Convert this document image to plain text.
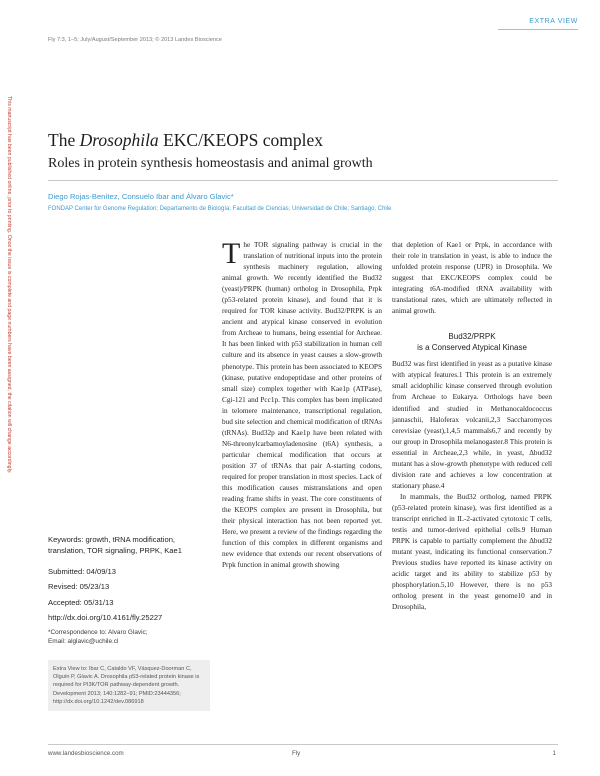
EXTRA VIEW
Fly 7:3, 1–5; July/August/September 2013; © 2013 Landes Bioscience
This manuscript has been published online, prior to printing. Once the issue is complete and page numbers have been assigned, the citation will change accordingly. The Drosophila EKC/KEOPS complex
Roles in protein synthesis homeostasis and animal growth
Diego Rojas-Benítez, Consuelo Ibar and Álvaro Glavic*
FONDAP Center for Genome Regulation; Departamento de Biología; Facultad de Ciencias; Universidad de Chile; Santiago, Chile
Keywords: growth, tRNA modification, translation, TOR signaling, PRPK, Kae1
Submitted: 04/09/13
Revised: 05/23/13
Accepted: 05/31/13
http://dx.doi.org/10.4161/fly.25227
*Correspondence to: Alvaro Glavic;
Email: alglavic@uchile.cl
Extra View to: Ibar C, Cataldo VF, Vásquez-Doorman C, Olguín P, Glavic A. Drosophila p53-related protein kinase is required for PI3K/TOR pathway-dependent growth. Development 2013; 140:1282–91; PMID:23444356; http://dx.doi.org/10.1242/dev.086918
T he TOR signaling pathway is crucial in the translation of nutritional inputs into the protein synthesis machinery regulation, allowing animal growth. We recently identified the Bud32 (yeast)/PRPK (human) ortholog in Drosophila, Prpk (p53-related protein kinase), and found that it is required for TOR kinase activity. Bud32/PRPK is an ancient and atypical kinase conserved in evolution from Archeae to humans, being essential for Archeae. It has been linked with p53 stabilization in human cell culture and its absence in yeast causes a slow-growth phenotype. This protein has been associated to KEOPS (kinase, putative endopeptidase and other proteins of small size) complex together with Kae1p (ATPase), Cgi-121 and Pcc1p. This complex has been implicated in telomere maintenance, transcriptional regulation, bud site selection and chemical modification of tRNAs (tRNAs). Bud32p and Kae1p have been related with N6-threonylcarbamoyladenosine (t6A) synthesis, a particular chemical modification that occurs at position 37 of tRNAs that pair A-starting codons, required for proper translation in most species. Lack of this modification causes mistranslations and open reading frame shifts in yeast. The core constituents of the KEOPS complex are present in Drosophila, but their physical interaction has not been reported yet. Here, we present a review of the findings regarding the function of this complex in different organisms and new evidence that extends our recent observations of Prpk function in animal growth showing

that depletion of Kae1 or Prpk, in accordance with their role in translation in yeast, is able to induce the unfolded protein response (UPR) in Drosophila. We suggest that EKC/KEOPS complex could be integrating t6A-modified tRNA availability with translational rates, which are ultimately reflected in animal growth.

Bud32/PRPK
is a Conserved Atypical Kinase

Bud32 was first identified in yeast as a putative kinase with atypical features.1 This protein is an extremely small acidophilic kinase conserved through evolution from Archeae to Eukarya. Orthologs have been identified and studied in Methanocaldococcus jannaschii, Haloferax volcanii,2,3 Saccharomyces cerevisiae (yeast),1,4,5 mammals6,7 and recently by our group in Drosophila melanogaster.8 This protein is essential in Archeae,2,3 while, in yeast, Δbud32 mutant has a slow-growth phenotype with reduced cell division rate and achieves a low concentration at stationary phase.4

In mammals, the Bud32 ortholog, named PRPK (p53-related protein kinase), was first identified as a transcript enriched in IL-2-activated cytotoxic T cells, testis and tumor-derived epithelial cells.9 Human PRPK is capable to partially complement the Δbud32 mutant yeast, indicating its functional conservation.7 Previous studies have reported its kinase activity on acidic target and its ability to stabilize p53 by phosphorylation.5,10 However, there is no p53 ortholog present in the yeast genome10 and in Drosophila,

www.landesbioscience.com	Fly	1
